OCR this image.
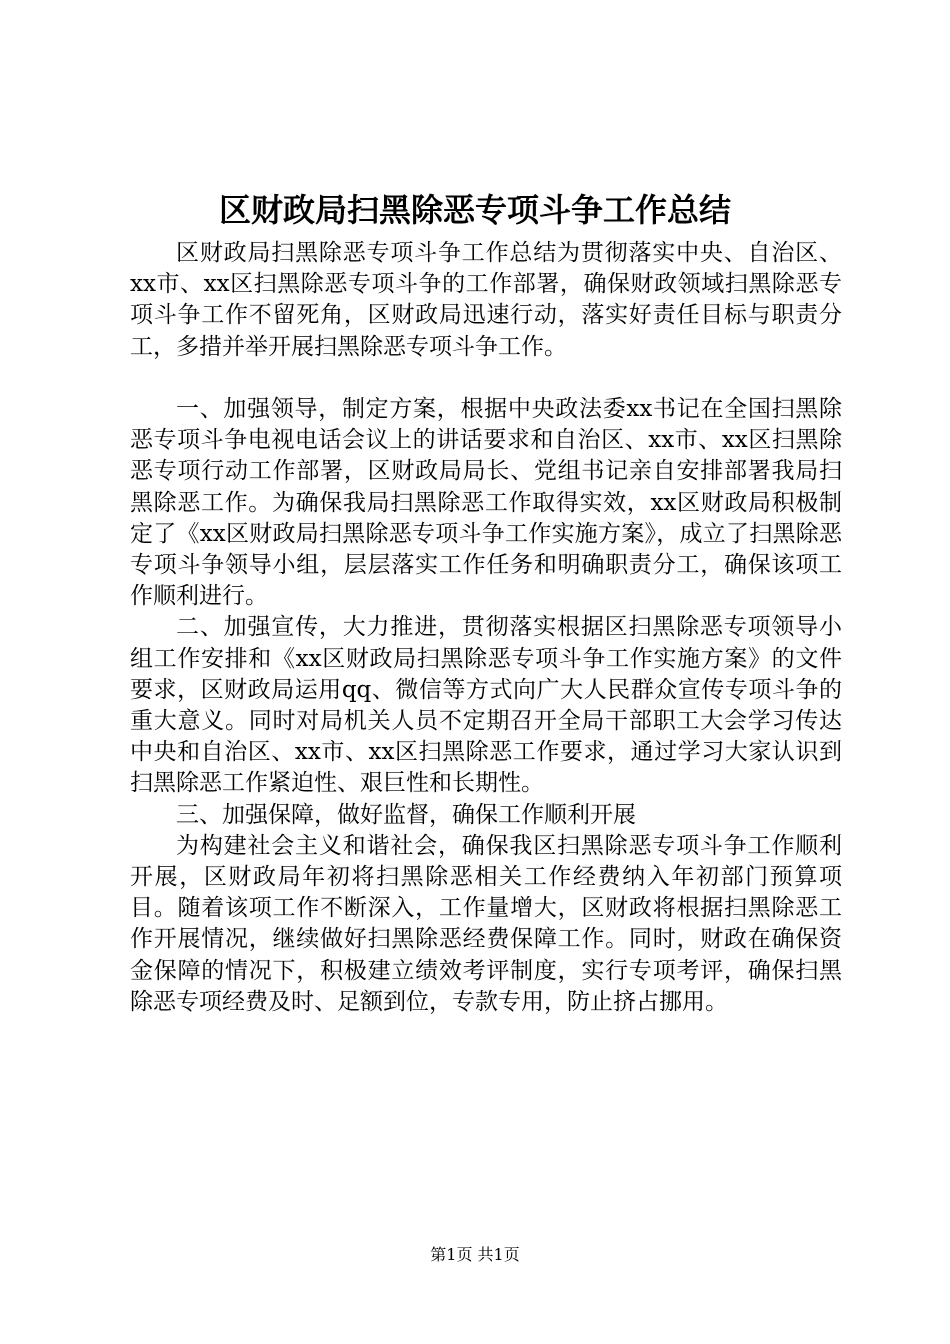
区财政局扫黑除恶专项斗争工作总结

区财政局扫黑除恶专项斗争工作总结为贯彻落实中央、自治区、xx市、xx区扫黑除恶专项斗争的工作部署，确保财政领域扫黑除恶专项斗争工作不留死角，区财政局迅速行动，落实好责任目标与职责分工，多措并举开展扫黑除恶专项斗争工作。

一、加强领导，制定方案，根据中央政法委xx书记在全国扫黑除恶专项斗争电视电话会议上的讲话要求和自治区、xx市、xx区扫黑除恶专项行动工作部署，区财政局局长、党组书记亲自安排部署我局扫黑除恶工作。为确保我局扫黑除恶工作取得实效，xx区财政局积极制定了《xx区财政局扫黑除恶专项斗争工作实施方案》，成立了扫黑除恶专项斗争领导小组，层层落实工作任务和明确职责分工，确保该项工作顺利进行。

二、加强宣传，大力推进，贯彻落实根据区扫黑除恶专项领导小组工作安排和《xx区财政局扫黑除恶专项斗争工作实施方案》的文件要求，区财政局运用qq、微信等方式向广大人民群众宣传专项斗争的重大意义。同时对局机关人员不定期召开全局干部职工大会学习传达中央和自治区、xx市、xx区扫黑除恶工作要求，通过学习大家认识到扫黑除恶工作紧迫性、艰巨性和长期性。

三、加强保障，做好监督，确保工作顺利开展

为构建社会主义和谐社会，确保我区扫黑除恶专项斗争工作顺利开展，区财政局年初将扫黑除恶相关工作经费纳入年初部门预算项目。随着该项工作不断深入，工作量增大，区财政将根据扫黑除恶工作开展情况，继续做好扫黑除恶经费保障工作。同时，财政在确保资金保障的情况下，积极建立绩效考评制度，实行专项考评，确保扫黑除恶专项经费及时、足额到位，专款专用，防止挤占挪用。

第1页 共1页
